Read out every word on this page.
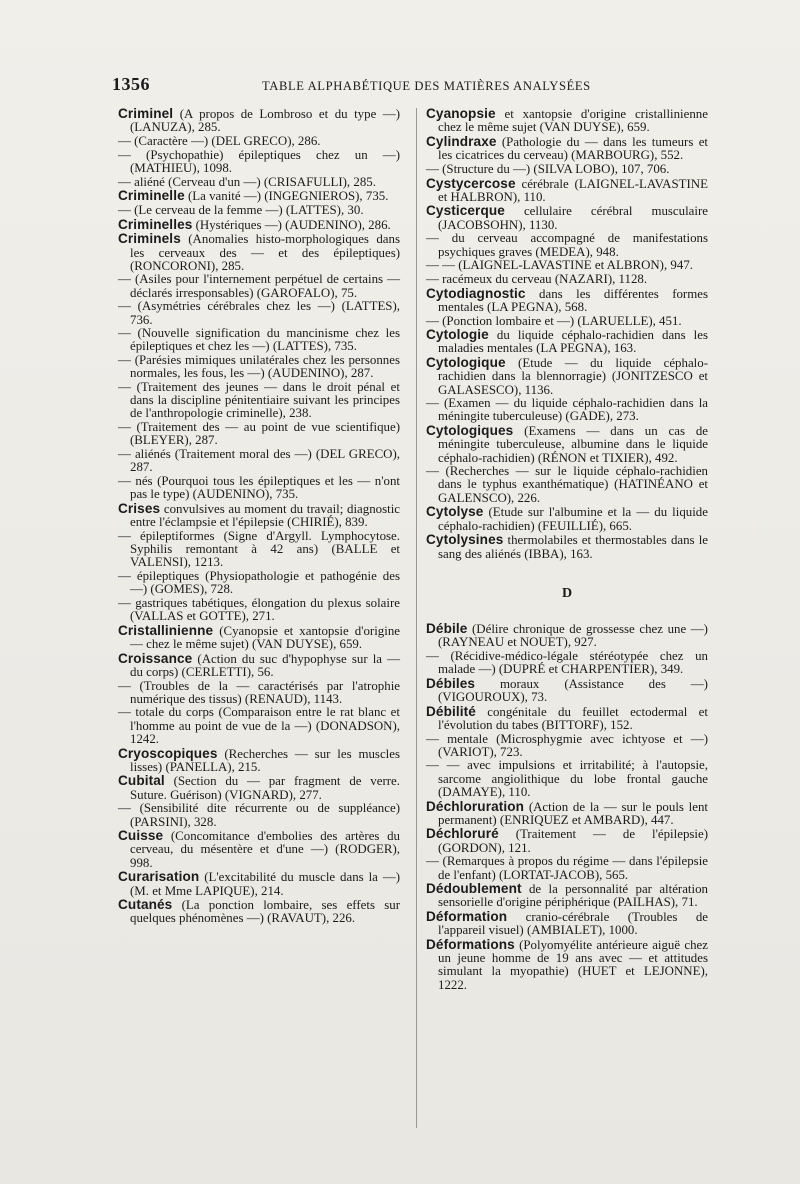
1356	TABLE ALPHABÉTIQUE DES MATIÈRES ANALYSÉES
Criminel (A propos de Lombroso et du type —) (LANUZA), 285.
— (Caractère —) (DEL GRECO), 286.
— (Psychopathie) épileptiques chez un —) (MATHIEU), 1098.
— aliéné (Cerveau d'un —) (CRISAFULLI), 285.
Criminelle (La vanité —) (INGEGNIEROS), 735.
— (Le cerveau de la femme —) (LATTES), 30.
Criminelles (Hystériques —) (AUDENINO), 286.
Criminels (Anomalies histo-morphologiques dans les cerveaux des — et des épileptiques) (RONCORONI), 285.
— (Asiles pour l'internement perpétuel de certains — déclarés irresponsables) (GAROFALO), 75.
— (Asymétries cérébrales chez les —) (LATTES), 736.
— (Nouvelle signification du mancinisme chez les épileptiques et chez les —) (LATTES), 735.
— (Parésies mimiques unilatérales chez les personnes normales, les fous, les —) (AUDENINO), 287.
— (Traitement des jeunes — dans le droit pénal et dans la discipline pénitentiaire suivant les principes de l'anthropologie criminelle), 238.
— (Traitement des — au point de vue scientifique) (BLEYER), 287.
— aliénés (Traitement moral des —) (DEL GRECO), 287.
— nés (Pourquoi tous les épileptiques et les — n'ont pas le type) (AUDENINO), 735.
Crises convulsives au moment du travail; diagnostic entre l'éclampsie et l'épilepsie (CHIRIÉ), 839.
— épileptiformes (Signe d'Argyll. Lymphocytose. Syphilis remontant à 42 ans) (BALLE et VALENSI), 1213.
— épileptiques (Physiopathologie et pathogénie des —) (GOMES), 728.
— gastriques tabétiques, élongation du plexus solaire (VALLAS et GOTTE), 271.
Cristallinienne (Cyanopsie et xantopsie d'origine — chez le même sujet) (VAN DUYSE), 659.
Croissance (Action du suc d'hypophyse sur la — du corps) (CERLETTI), 56.
— (Troubles de la — caractérisés par l'atrophie numérique des tissus) (RENAUD), 1143.
— totale du corps (Comparaison entre le rat blanc et l'homme au point de vue de la —) (DONADSON), 1242.
Cryoscopiques (Recherches — sur les muscles lisses) (PANELLA), 215.
Cubital (Section du — par fragment de verre. Suture. Guérison) (VIGNARD), 277.
— (Sensibilité dite récurrente ou de suppléance) (PARSINI), 328.
Cuisse (Concomitance d'embolies des artères du cerveau, du mésentère et d'une —) (RODGER), 998.
Curarisation (L'excitabilité du muscle dans la —) (M. et Mme LAPIQUE), 214.
Cutanés (La ponction lombaire, ses effets sur quelques phénomènes —) (RAVAUT), 226.
Cyanopsie et xantopsie d'origine cristallinienne chez le même sujet (VAN DUYSE), 659.
Cylindraxe (Pathologie du — dans les tumeurs et les cicatrices du cerveau) (MARBOURG), 552.
— (Structure du —) (SILVA LOBO), 107, 706.
Cystycercose cérébrale (LAIGNEL-LAVASTINE et HALBRON), 110.
Cysticerque cellulaire cérébral musculaire (JACOBSOHN), 1130.
— du cerveau accompagné de manifestations psychiques graves (MEDEA), 948.
— — (LAIGNEL-LAVASTINE et ALBRON), 947.
— racémeux du cerveau (NAZARI), 1128.
Cytodiagnostic dans les différentes formes mentales (LA PEGNA), 568.
— (Ponction lombaire et —) (LARUELLE), 451.
Cytologie du liquide céphalo-rachidien dans les maladies mentales (LA PEGNA), 163.
Cytologique (Etude — du liquide céphalo-rachidien dans la blennorragie) (JONITZESCO et GALASESCO), 1136.
— (Examen — du liquide céphalo-rachidien dans la méningite tuberculeuse) (GADE), 273.
Cytologiques (Examens — dans un cas de méningite tuberculeuse, albumine dans le liquide céphalo-rachidien) (RÉNON et TIXIER), 492.
— (Recherches — sur le liquide céphalo-rachidien dans le typhus exanthématique) (HATINÉANO et GALENSCO), 226.
Cytolyse (Etude sur l'albumine et la — du liquide céphalo-rachidien) (FEUILLIÉ), 665.
Cytolysines thermolabiles et thermostables dans le sang des aliénés (IBBA), 163.
D
Débile (Délire chronique de grossesse chez une —) (RAYNEAU et NOUET), 927.
— (Récidive-médico-légale stéréotypée chez un malade —) (DUPRÉ et CHARPENTIER), 349.
Débiles moraux (Assistance des —) (VIGOUROUX), 73.
Débilité congénitale du feuillet ectodermal et l'évolution du tabes (BITTORF), 152.
— mentale (Microsphygmie avec ichtyose et —) (VARIOT), 723.
— — avec impulsions et irritabilité; à l'autopsie, sarcome angiolithique du lobe frontal gauche (DAMAYE), 110.
Déchloruration (Action de la — sur le pouls lent permanent) (ENRIQUEZ et AMBARD), 447.
Déchloruré (Traitement — de l'épilepsie) (GORDON), 121.
— (Remarques à propos du régime — dans l'épilepsie de l'enfant) (LORTAT-JACOB), 565.
Dédoublement de la personnalité par altération sensorielle d'origine périphérique (PAILHAS), 71.
Déformation cranio-cérébrale (Troubles de l'appareil visuel) (AMBIALET), 1000.
Déformations (Polyomyélite antérieure aiguë chez un jeune homme de 19 ans avec — et attitudes simulant la myopathie) (HUET et LEJONNE), 1222.
